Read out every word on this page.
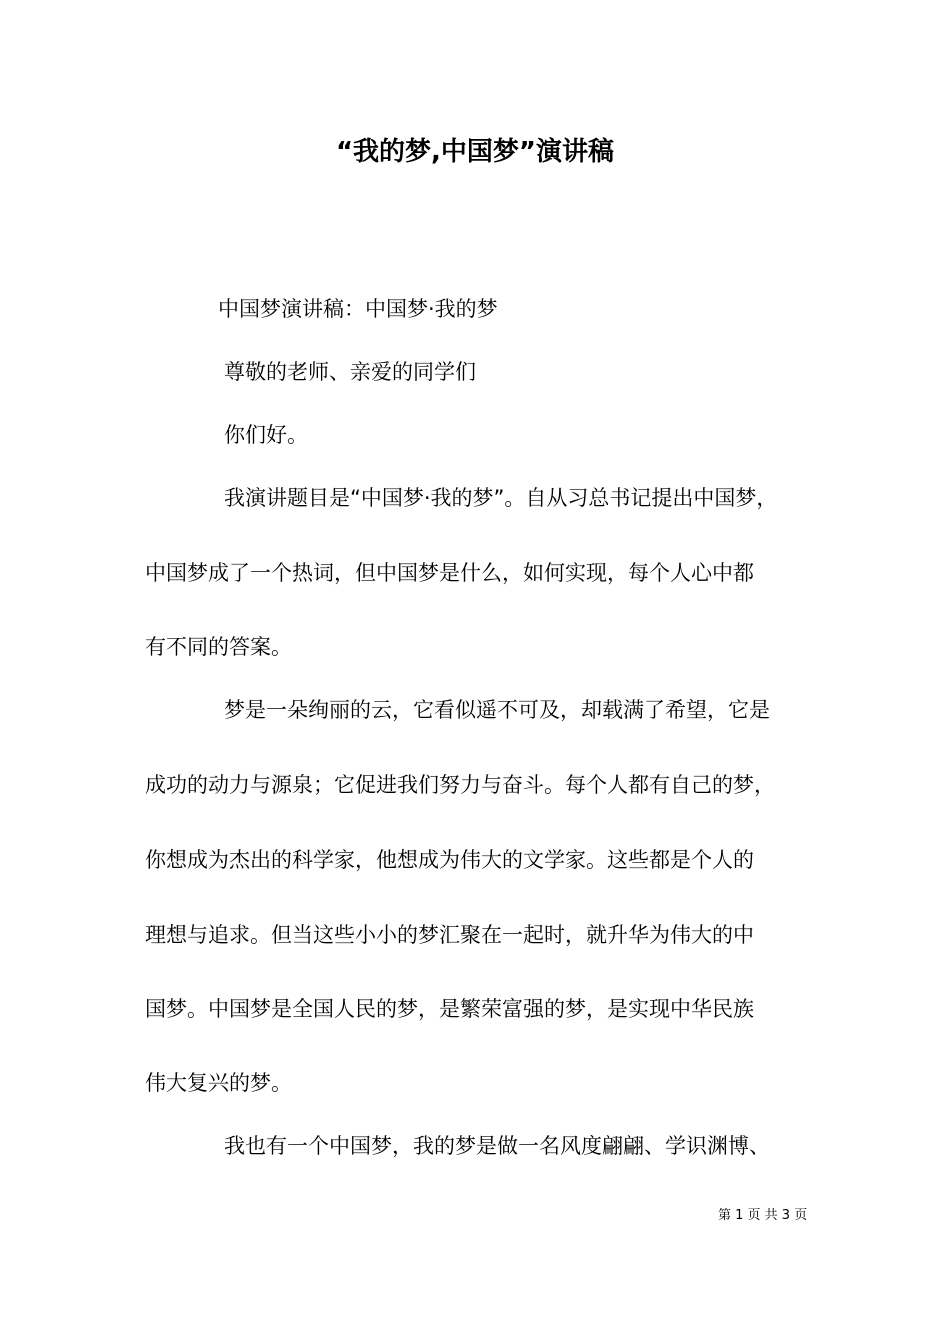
“我的梦,中国梦”演讲稿

中国梦演讲稿：中国梦·我的梦

尊敬的老师、亲爱的同学们

你们好。

我演讲题目是“中国梦·我的梦”。自从习总书记提出中国梦，

中国梦成了一个热词，但中国梦是什么，如何实现，每个人心中都

有不同的答案。

梦是一朵绚丽的云，它看似遥不可及，却载满了希望，它是

成功的动力与源泉；它促进我们努力与奋斗。每个人都有自己的梦，

你想成为杰出的科学家，他想成为伟大的文学家。这些都是个人的

理想与追求。但当这些小小的梦汇聚在一起时，就升华为伟大的中

国梦。中国梦是全国人民的梦，是繁荣富强的梦，是实现中华民族

伟大复兴的梦。

我也有一个中国梦，我的梦是做一名风度翩翩、学识渊博、

第 1 页 共 3 页
